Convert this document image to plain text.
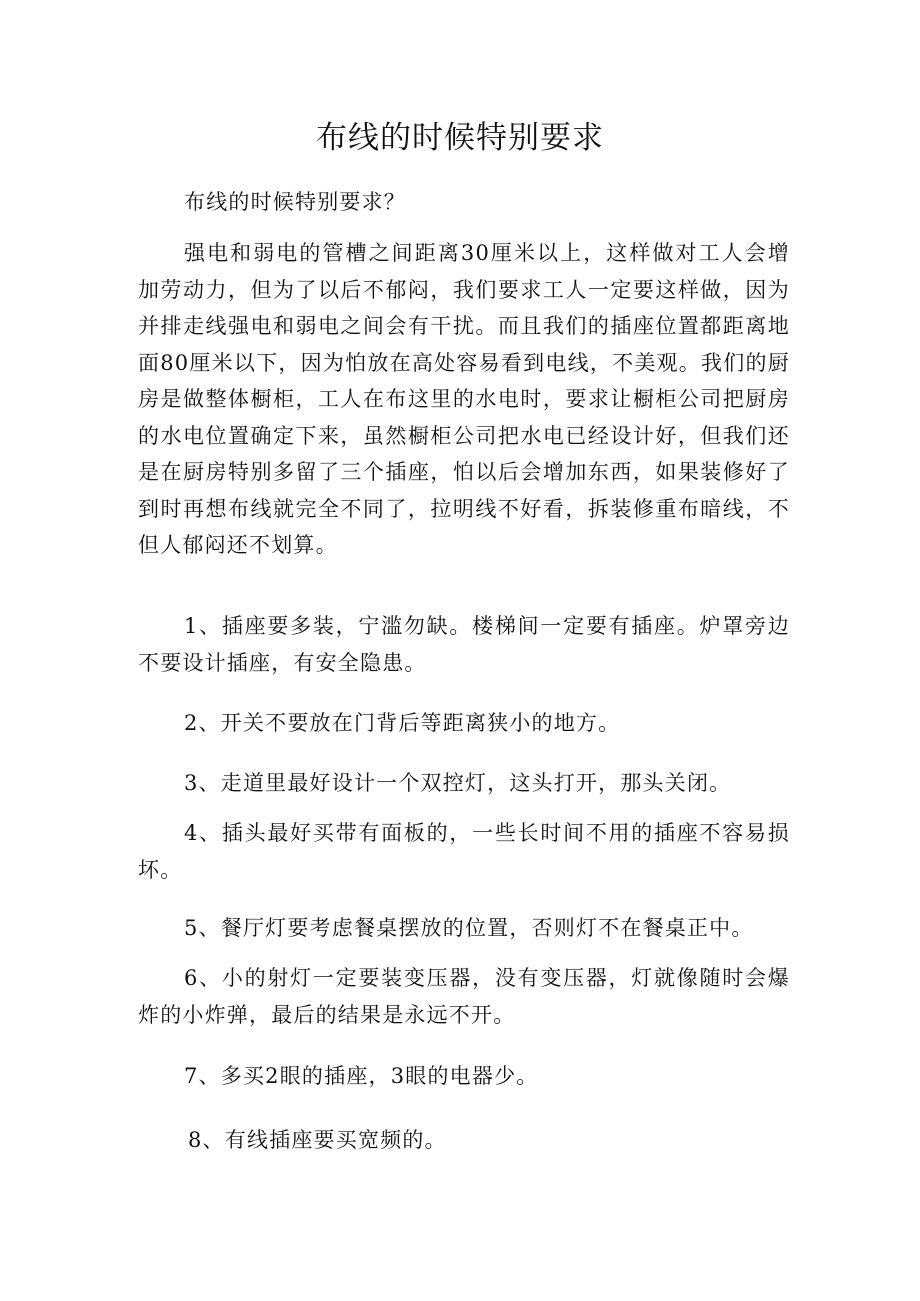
布线的时候特别要求

布线的时候特别要求？

强电和弱电的管槽之间距离30厘米以上，这样做对工人会增加劳动力，但为了以后不郁闷，我们要求工人一定要这样做，因为并排走线强电和弱电之间会有干扰。而且我们的插座位置都距离地面80厘米以下，因为怕放在高处容易看到电线，不美观。我们的厨房是做整体橱柜，工人在布这里的水电时，要求让橱柜公司把厨房的水电位置确定下来，虽然橱柜公司把水电已经设计好，但我们还是在厨房特别多留了三个插座，怕以后会增加东西，如果装修好了到时再想布线就完全不同了，拉明线不好看，拆装修重布暗线，不但人郁闷还不划算。

1、插座要多装，宁滥勿缺。楼梯间一定要有插座。炉罩旁边不要设计插座，有安全隐患。

2、开关不要放在门背后等距离狭小的地方。

3、走道里最好设计一个双控灯，这头打开，那头关闭。

4、插头最好买带有面板的，一些长时间不用的插座不容易损坏。

5、餐厅灯要考虑餐桌摆放的位置，否则灯不在餐桌正中。

6、小的射灯一定要装变压器，没有变压器，灯就像随时会爆炸的小炸弹，最后的结果是永远不开。

7、多买2眼的插座，3眼的电器少。

8、有线插座要买宽频的。
